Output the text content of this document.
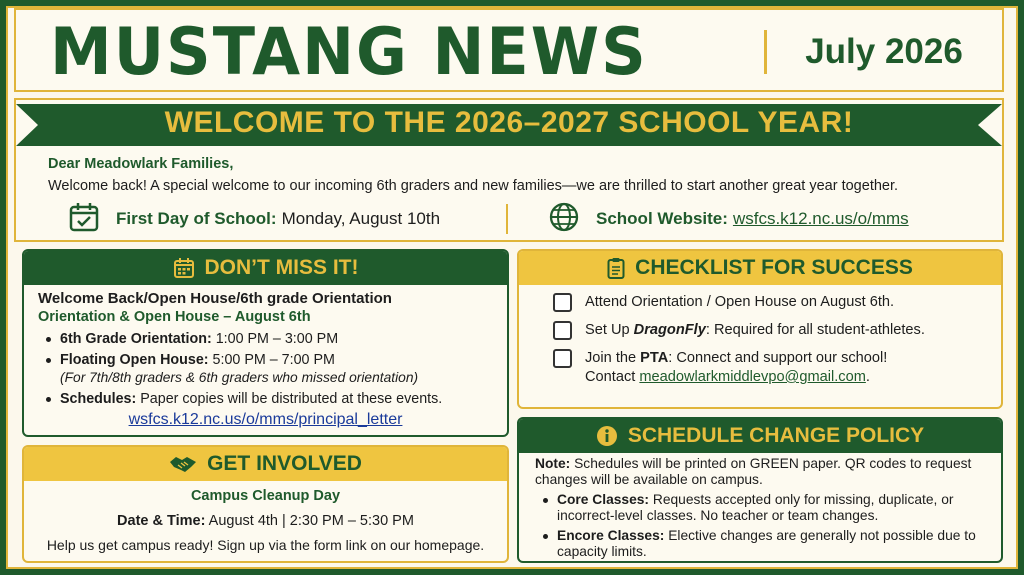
MUSTANG NEWS	July 2026
WELCOME TO THE 2026–2027 SCHOOL YEAR!
Dear Meadowlark Families,
Welcome back! A special welcome to our incoming 6th graders and new families—we are thrilled to start another great year together.
First Day of School: Monday, August 10th	School Website: wsfcs.k12.nc.us/o/mms
DON’T MISS IT!
Welcome Back/Open House/6th grade Orientation
Orientation & Open House – August 6th
6th Grade Orientation: 1:00 PM – 3:00 PM
Floating Open House: 5:00 PM – 7:00 PM
(For 7th/8th graders & 6th graders who missed orientation)
Schedules: Paper copies will be distributed at these events.
wsfcs.k12.nc.us/o/mms/principal_letter
GET INVOLVED
Campus Cleanup Day
Date & Time: August 4th | 2:30 PM – 5:30 PM
Help us get campus ready! Sign up via the form link on our homepage.
CHECKLIST FOR SUCCESS
Attend Orientation / Open House on August 6th.
Set Up DragonFly: Required for all student-athletes.
Join the PTA: Connect and support our school!
Contact meadowlarkmiddlevpo@gmail.com.
SCHEDULE CHANGE POLICY
Note: Schedules will be printed on GREEN paper. QR codes to request changes will be available on campus.
Core Classes: Requests accepted only for missing, duplicate, or incorrect-level classes. No teacher or team changes.
Encore Classes: Elective changes are generally not possible due to capacity limits.
